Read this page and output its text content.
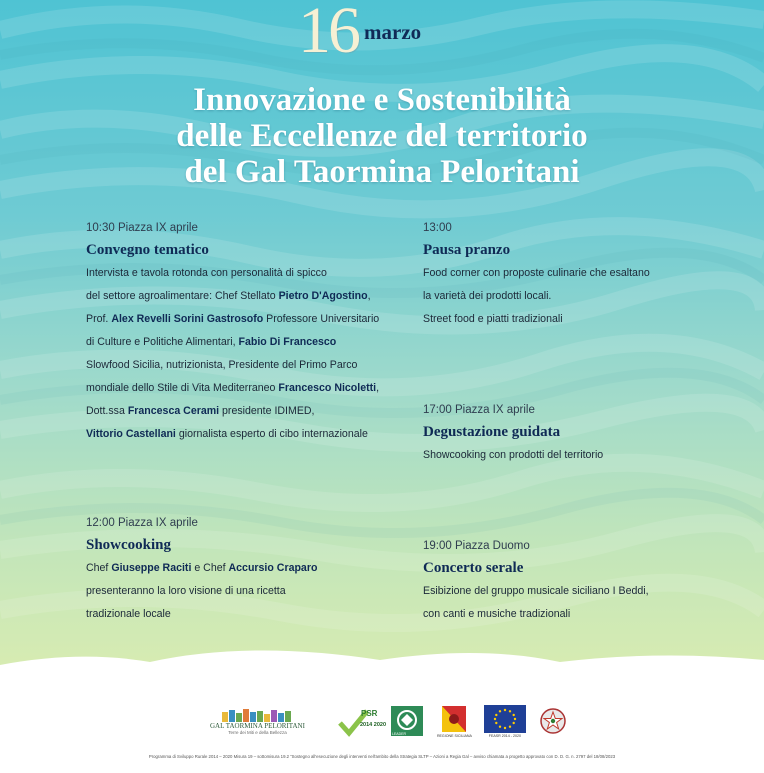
16 marzo
Innovazione e Sostenibilità
delle Eccellenze del territorio
del Gal Taormina Peloritani
10:30 Piazza IX aprile
Convegno tematico

Intervista e tavola rotonda con personalità di spicco

del settore agroalimentare: Chef Stellato Pietro D'Agostino,

Prof. Alex Revelli Sorini Gastrosofo Professore Universitario

di Culture e Politiche Alimentari, Fabio Di Francesco

Slowfood Sicilia, nutrizionista, Presidente del Primo Parco

mondiale dello Stile di Vita Mediterraneo Francesco Nicoletti,

Dott.ssa Francesca Cerami presidente IDIMED,

Vittorio Castellani giornalista esperto di cibo internazionale

13:00
Pausa pranzo

Food corner con proposte culinarie che esaltano

la varietà dei prodotti locali.

Street food e piatti tradizionali

17:00 Piazza IX aprile
Degustazione guidata

Showcooking con prodotti del territorio

12:00 Piazza IX aprile
Showcooking

Chef Giuseppe Raciti e Chef Accursio Craparo

presenteranno la loro visione di una ricetta

tradizionale locale

19:00 Piazza Duomo
Concerto serale

Esibizione del gruppo musicale siciliano I Beddi,

con canti e musiche tradizionali

GAL TAORMINA PELORITANI
Terre dei Miti e della Bellezza
PSR
2014 2020
LEADER	REGIONE SICILIANA	FEASR 2014 - 2020
Programma di Sviluppo Rurale 2014 – 2020 Misura 19 – sottomisura 19.2 “Sostegno all'esecuzione degli interventi nell'ambito della Strategia SLTP – Azioni a Regia Gal – avviso chiamata a progetto approvato con D. D. G. n. 2797 del 18/08/2023
